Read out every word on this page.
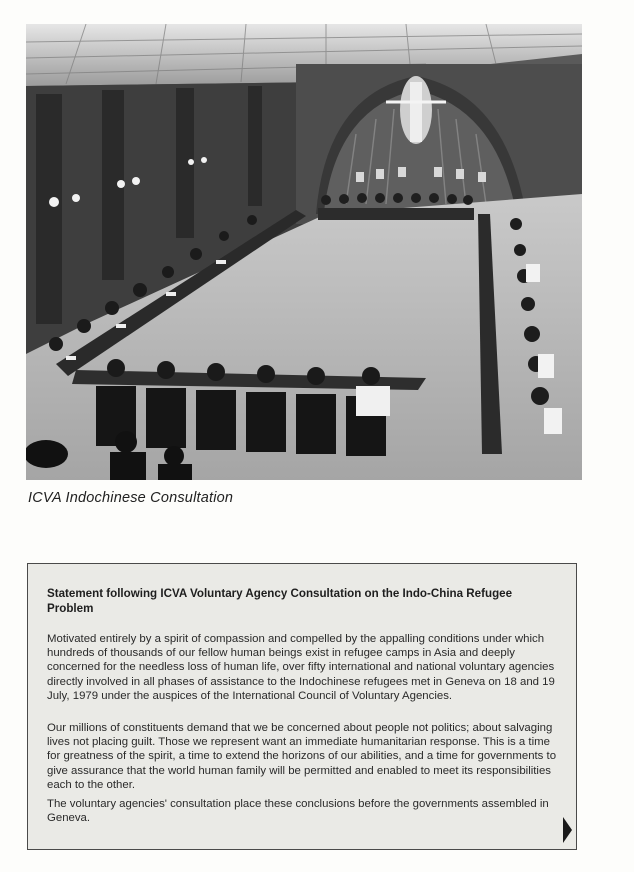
ICVA Indochinese Consultation
Statement following ICVA Voluntary Agency Consultation on the Indo-China Refugee Problem
Motivated entirely by a spirit of compassion and compelled by the appalling conditions under which hundreds of thousands of our fellow human beings exist in refugee camps in Asia and deeply concerned for the needless loss of human life, over fifty international and national voluntary agencies directly involved in all phases of assistance to the Indochinese refugees met in Geneva on 18 and 19 July, 1979 under the auspices of the International Council of Voluntary Agencies.
Our millions of constituents demand that we be concerned about people not politics; about salvaging lives not placing guilt. Those we represent want an immediate humanitarian response. This is a time for greatness of the spirit, a time to extend the horizons of our abilities, and a time for governments to give assurance that the world human family will be permitted and enabled to meet its responsibilities each to the other.
The voluntary agencies' consultation place these conclusions before the governments assembled in Geneva.
